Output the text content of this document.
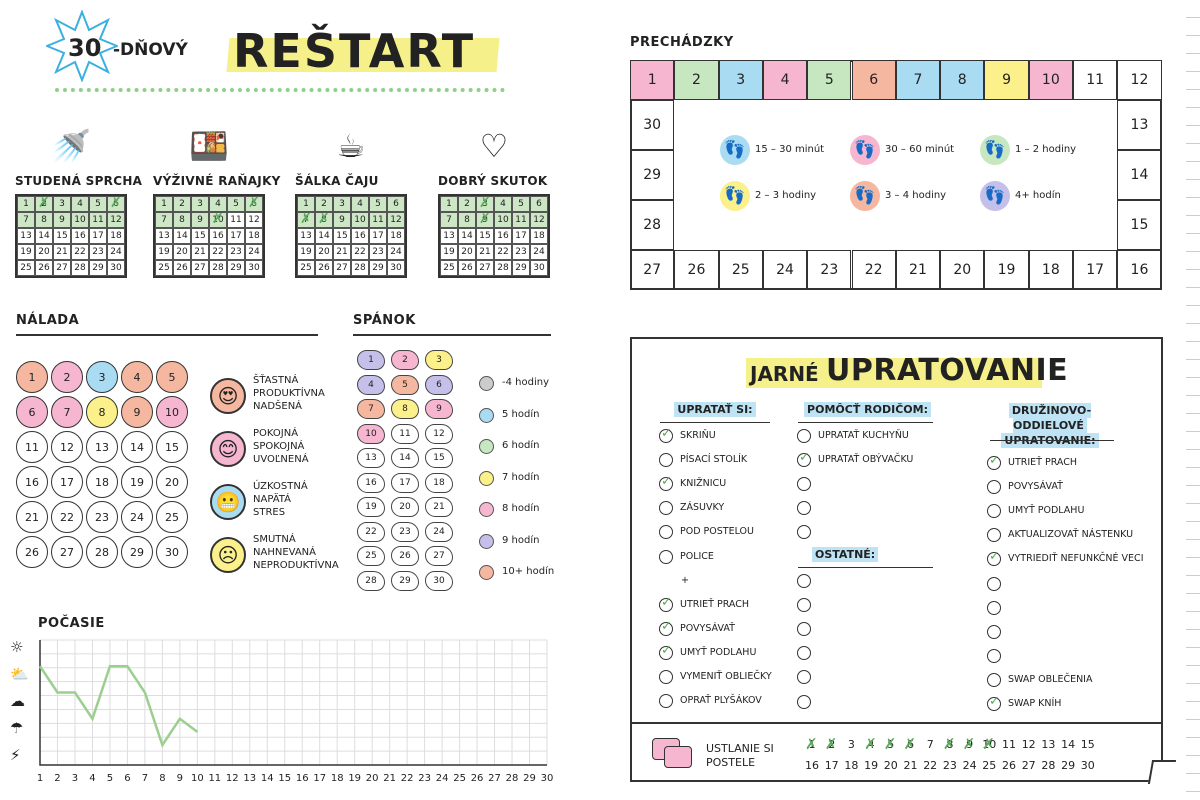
30 -DŇOVÝ REŠTART
🚿
STUDENÁ SPRCHA
1	2 ✗	3	4	5	6 ✗
7	8	9	10 11 12
13 14 15 16 17 18
19 20 21 22 23 24
25 26 27 28 29 30
🍱
VÝŽIVNÉ RAŇAJKY
1	2	3	4	5	6 ✗
7	8	9	10 ✗ 11 12
13 14 15 16 17 18
19 20 21 22 23 24
25 26 27 28 29 30
☕
ŠÁLKA ČAJU
1	2	3	4	5	6
7 ✗	8 ✗	9	10 11 12
13 14 15 16 17 18
19 20 21 22 23 24
25 26 27 28 29 30
♡
DOBRÝ SKUTOK
1	2	3 ✗	4	5	6
7	8	9 ✗	10 11 12
13 14 15 16 17 18
19 20 21 22 23 24
25 26 27 28 29 30
NÁLADA
1	2	3	4	5
6	7	8	9	10
11	12	13	14	15
16	17	18	19	20
21	22	23	24	25
26	27	28	29	30
😍
ŠŤASTNÁ
PRODUKTÍVNA
NADŠENÁ
😊
POKOJNÁ
SPOKOJNÁ
UVOĽNENÁ
😬
ÚZKOSTNÁ
NAPÄTÁ
STRES
☹
SMUTNÁ
NAHNEVANÁ
NEPRODUKTÍVNA
SPÁNOK
1	2	3
4	5	6
7	8	9
10	11	12
13	14	15
16	17	18
19	20	21
22	23	24
25	26	27
28	29	30
-4 hodiny
5 hodín
6 hodín
7 hodín
8 hodín
9 hodín
10+ hodín
POČASIE
☼
⛅
☁
☂
⚡
1	2	3	4	5	6	7	8	9 10 11 12 13 14 15 16 17 18 19 20 21 22 23 24 25 26 27 28 29 30
PRECHÁDZKY
1	2	3	4	5	6	7	8	9	10	11	12
27	26	25	24	23	22	21	20	19	18	17	16
30
29
28
13
14
15
👣 15 – 30 minút 👣 30 – 60 minút 👣 1 – 2 hodiny
👣 2 – 3 hodiny 👣 3 – 4 hodiny 👣 4+ hodín
JARNÉ UPRATOVANIE
UPRATAŤ SI:
✓
SKRIŇU
PÍSACÍ STOLÍK
✓
KNIŽNICU
ZÁSUVKY
POD POSTELOU
POLICE
+
✓
UTRIEŤ PRACH
✓
POVYSÁVAŤ
✓
UMYŤ PODLAHU
VYMENIŤ OBLIEČKY
OPRAŤ PLYŠÁKOV
POMÔCŤ RODIČOM:
UPRATAŤ KUCHYŇU
✓
UPRATAŤ OBÝVAČKU
OSTATNÉ:
DRUŽINOVO-ODDIELOVÉ
UPRATOVANIE:
✓
UTRIEŤ PRACH
POVYSÁVAŤ
UMYŤ PODLAHU
AKTUALIZOVAŤ NÁSTENKU
✓
VYTRIEDIŤ NEFUNKČNÉ VECI
SWAP OBLEČENIA
✓
SWAP KNÍH
USTLANIE SI
POSTELE
1 ✗	2 ✗	3	4 ✗	5 ✗	6 ✗	7	8 ✗	9 ✗ 10 ✗ 11 12 13 14 15
16 17 18 19 20 21 22 23 24 25 26 27 28 29 30
